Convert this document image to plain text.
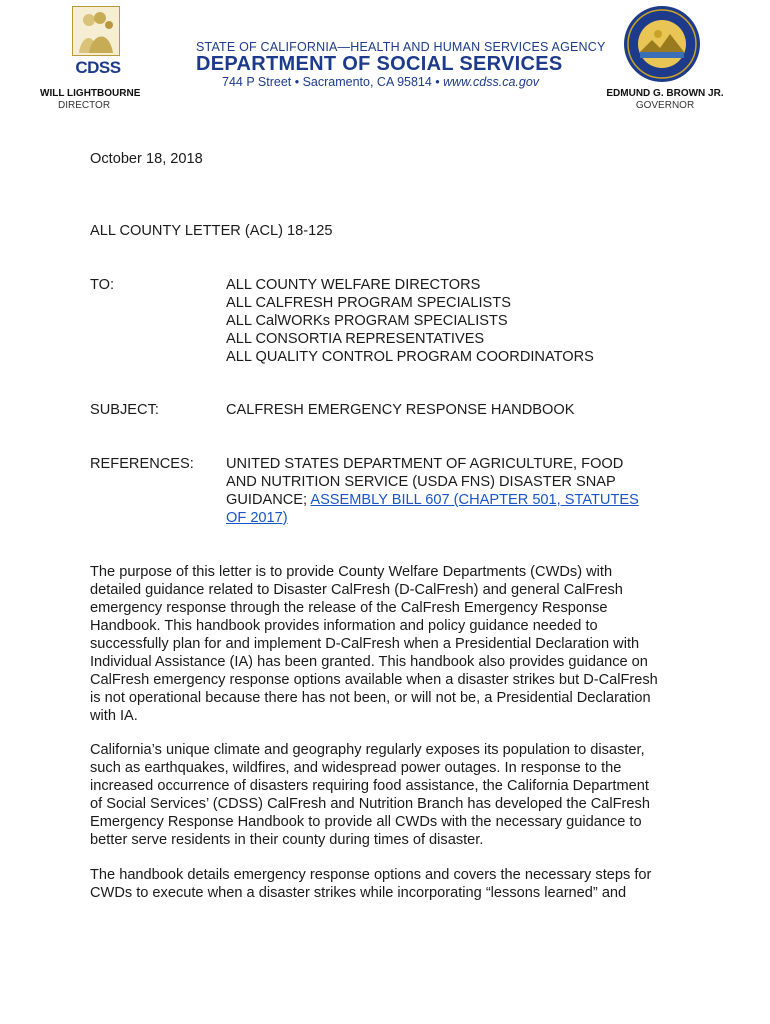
CDSS
WILL LIGHTBOURNE
DIRECTOR
STATE OF CALIFORNIA—HEALTH AND HUMAN SERVICES AGENCY
DEPARTMENT OF SOCIAL SERVICES
744 P Street • Sacramento, CA 95814 • www.cdss.ca.gov
EDMUND G. BROWN JR.
GOVERNOR
October 18, 2018
ALL COUNTY LETTER (ACL) 18-125
TO:	ALL COUNTY WELFARE DIRECTORS
ALL CALFRESH PROGRAM SPECIALISTS
ALL CalWORKs PROGRAM SPECIALISTS
ALL CONSORTIA REPRESENTATIVES
ALL QUALITY CONTROL PROGRAM COORDINATORS
SUBJECT:	CALFRESH EMERGENCY RESPONSE HANDBOOK
REFERENCES: UNITED STATES DEPARTMENT OF AGRICULTURE, FOOD
AND NUTRITION SERVICE (USDA FNS) DISASTER SNAP
GUIDANCE; ASSEMBLY BILL 607 (CHAPTER 501, STATUTES
OF 2017)
The purpose of this letter is to provide County Welfare Departments (CWDs) with
detailed guidance related to Disaster CalFresh (D-CalFresh) and general CalFresh
emergency response through the release of the CalFresh Emergency Response
Handbook. This handbook provides information and policy guidance needed to
successfully plan for and implement D-CalFresh when a Presidential Declaration with
Individual Assistance (IA) has been granted. This handbook also provides guidance on
CalFresh emergency response options available when a disaster strikes but D-CalFresh
is not operational because there has not been, or will not be, a Presidential Declaration
with IA.
California’s unique climate and geography regularly exposes its population to disaster,
such as earthquakes, wildfires, and widespread power outages. In response to the
increased occurrence of disasters requiring food assistance, the California Department
of Social Services’ (CDSS) CalFresh and Nutrition Branch has developed the CalFresh
Emergency Response Handbook to provide all CWDs with the necessary guidance to
better serve residents in their county during times of disaster.
The handbook details emergency response options and covers the necessary steps for
CWDs to execute when a disaster strikes while incorporating “lessons learned” and
